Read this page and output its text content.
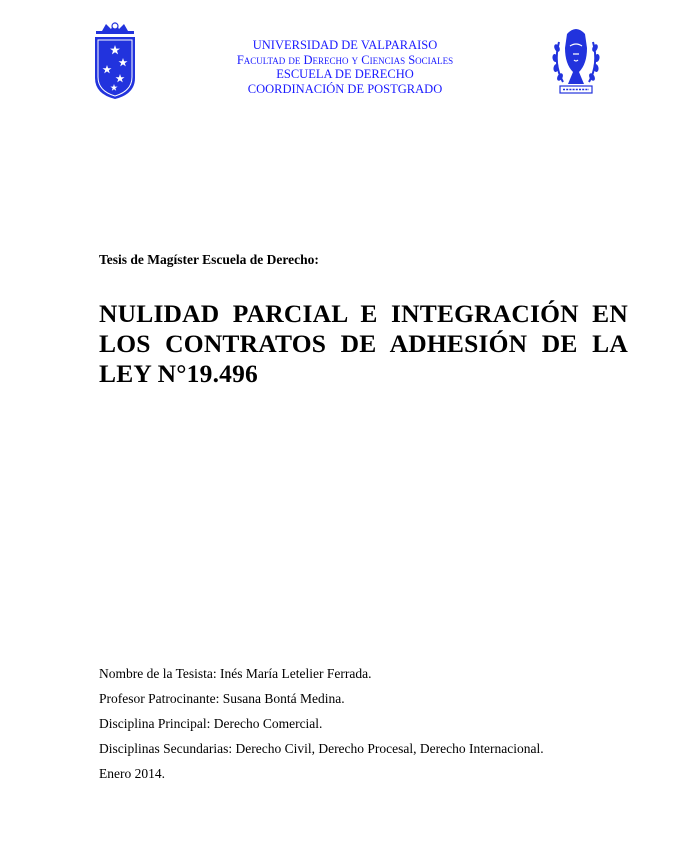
UNIVERSIDAD DE VALPARAISO
Facultad de Derecho y Ciencias Sociales
ESCUELA DE DERECHO
COORDINACIÓN DE POSTGRADO
Tesis de Magíster Escuela de Derecho:
NULIDAD PARCIAL E INTEGRACIÓN EN LOS CONTRATOS DE ADHESIÓN DE LA LEY N°19.496

Nombre de la Tesista: Inés María Letelier Ferrada.

Profesor Patrocinante: Susana Bontá Medina.

Disciplina Principal: Derecho Comercial.

Disciplinas Secundarias: Derecho Civil, Derecho Procesal, Derecho Internacional.

Enero 2014.
